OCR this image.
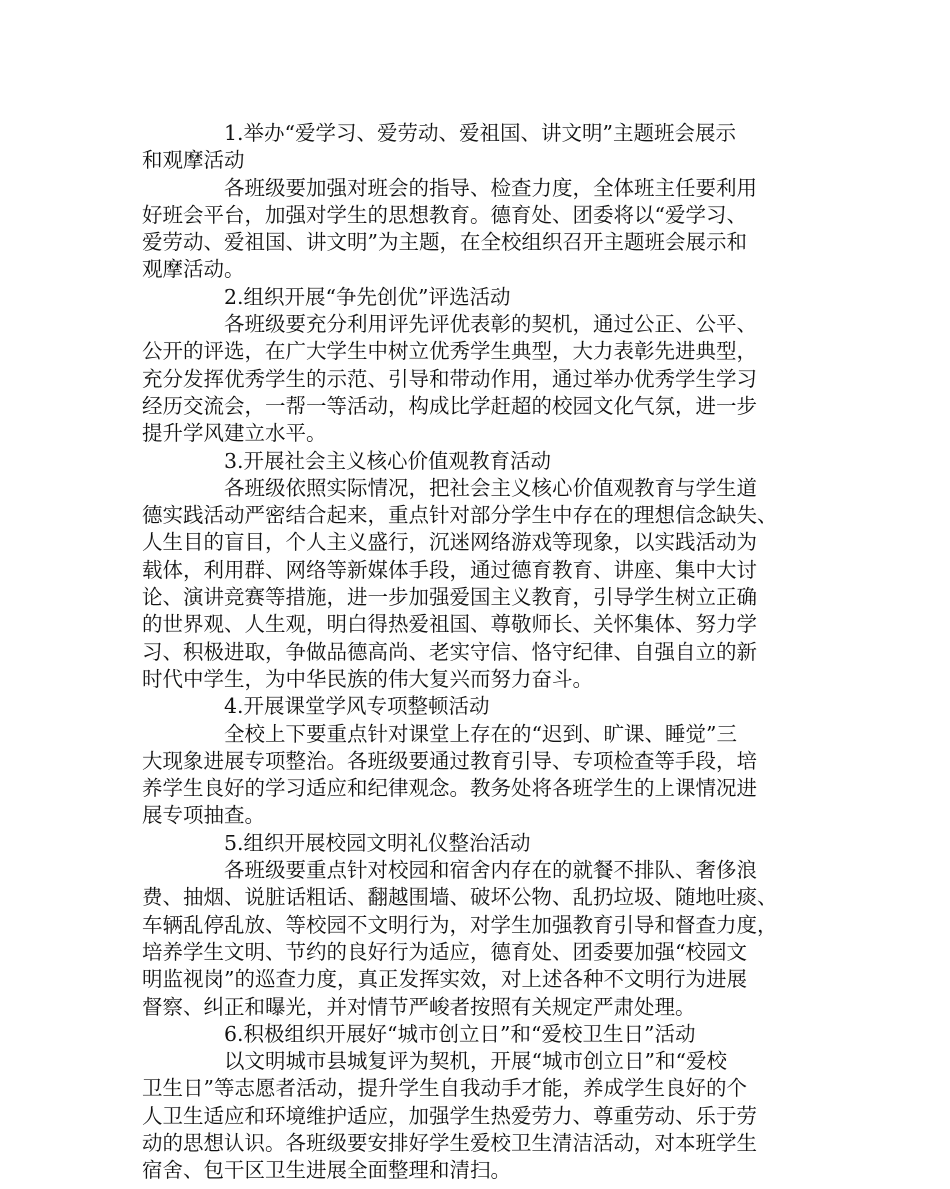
1.举办“爱学习、爱劳动、爱祖国、讲文明”主题班会展示
和观摩活动

各班级要加强对班会的指导、检查力度，全体班主任要利用
好班会平台，加强对学生的思想教育。德育处、团委将以“爱学习、
爱劳动、爱祖国、讲文明”为主题，在全校组织召开主题班会展示和
观摩活动。

2.组织开展“争先创优”评选活动

各班级要充分利用评先评优表彰的契机，通过公正、公平、
公开的评选，在广大学生中树立优秀学生典型，大力表彰先进典型，
充分发挥优秀学生的示范、引导和带动作用，通过举办优秀学生学习
经历交流会，一帮一等活动，构成比学赶超的校园文化气氛，进一步
提升学风建立水平。

3.开展社会主义核心价值观教育活动

各班级依照实际情况，把社会主义核心价值观教育与学生道
德实践活动严密结合起来，重点针对部分学生中存在的理想信念缺失、
人生目的盲目，个人主义盛行，沉迷网络游戏等现象，以实践活动为
载体，利用群、网络等新媒体手段，通过德育教育、讲座、集中大讨
论、演讲竞赛等措施，进一步加强爱国主义教育，引导学生树立正确
的世界观、人生观，明白得热爱祖国、尊敬师长、关怀集体、努力学
习、积极进取，争做品德高尚、老实守信、恪守纪律、自强自立的新
时代中学生，为中华民族的伟大复兴而努力奋斗。

4.开展课堂学风专项整顿活动

全校上下要重点针对课堂上存在的“迟到、旷课、睡觉”三
大现象进展专项整治。各班级要通过教育引导、专项检查等手段，培
养学生良好的学习适应和纪律观念。教务处将各班学生的上课情况进
展专项抽查。

5.组织开展校园文明礼仪整治活动

各班级要重点针对校园和宿舍内存在的就餐不排队、奢侈浪
费、抽烟、说脏话粗话、翻越围墙、破坏公物、乱扔垃圾、随地吐痰、
车辆乱停乱放、等校园不文明行为，对学生加强教育引导和督查力度，
培养学生文明、节约的良好行为适应，德育处、团委要加强“校园文
明监视岗”的巡查力度，真正发挥实效，对上述各种不文明行为进展
督察、纠正和曝光，并对情节严峻者按照有关规定严肃处理。

6.积极组织开展好“城市创立日”和“爱校卫生日”活动

以文明城市县城复评为契机，开展“城市创立日”和“爱校
卫生日”等志愿者活动，提升学生自我动手才能，养成学生良好的个
人卫生适应和环境维护适应，加强学生热爱劳力、尊重劳动、乐于劳
动的思想认识。各班级要安排好学生爱校卫生清洁活动，对本班学生
宿舍、包干区卫生进展全面整理和清扫。
